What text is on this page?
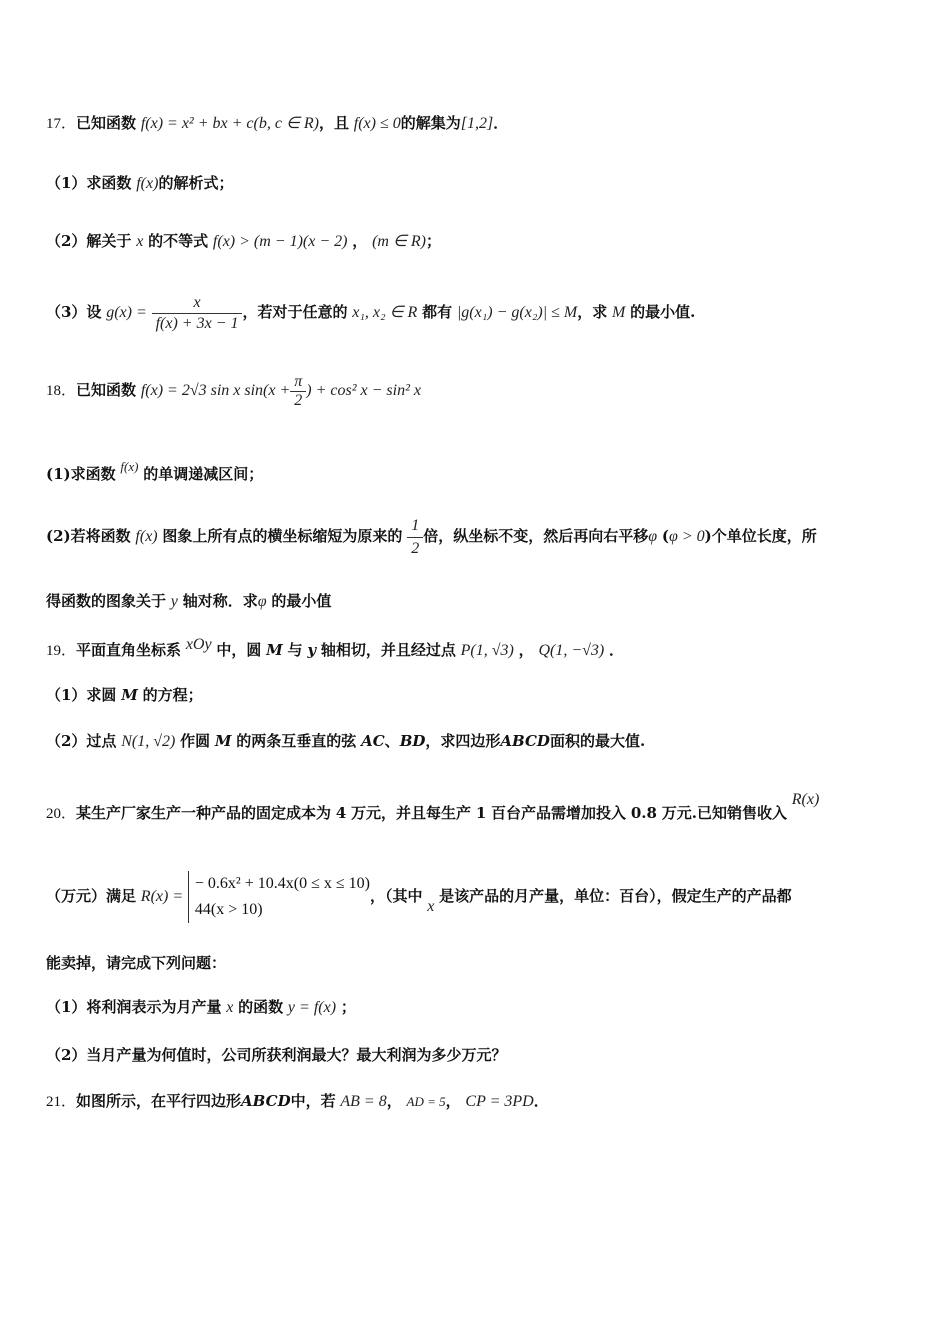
17．已知函数 f(x) = x² + bx + c(b, c ∈ R)，且 f(x) ≤ 0的解集为[1,2]．
（1）求函数 f(x)的解析式；
（2）解关于 x 的不等式 f(x) > (m − 1)(x − 2) ， (m ∈ R)；
（3）设 $g(x) = \frac{x}{f(x) + 3x - 1}$ ，若对于任意的 x₁, x₂ ∈ R 都有 |g(x₁) − g(x₂)| ≤ M，求 M 的最小值.
18．已知函数 f(x) = 2√3 sin x $\sin(x + \frac{\pi}{2}$ ) + cos² x − sin² x
(1)求函数 f(x) 的单调递减区间；
(2)若将函数 f(x) 图象上所有点的横坐标缩短为原来的 $\frac{1}{2}$ 倍，纵坐标不变，然后再向右平移φ (φ > 0)个单位长度，所
得函数的图象关于 y 轴对称．求φ 的最小值
19．平面直角坐标系 xOy 中，圆 M 与 y 轴相切，并且经过点 P(1, √3) ， Q(1, −√3) ．
（1）求圆 M 的方程；
（2）过点 N(1, √2) 作圆 M 的两条互垂直的弦 AC、BD，求四边形ABCD面积的最大值.
20．某生产厂家生产一种产品的固定成本为 4 万元，并且每生产 1 百台产品需增加投入 0.8 万元.已知销售收入 R(x)
（万元）满足 R(x) =
− 0.6x² + 10.4x(0 ≤ x ≤ 10)
44(x > 10)
，（其中 x 是该产品的月产量，单位：百台），假定生产的产品都
能卖掉，请完成下列问题：
（1）将利润表示为月产量 x 的函数 y = f(x) ；
（2）当月产量为何值时，公司所获利润最大？最大利润为多少万元？
21．如图所示，在平行四边形ABCD中，若 AB = 8， AD = 5， CP = 3PD．
